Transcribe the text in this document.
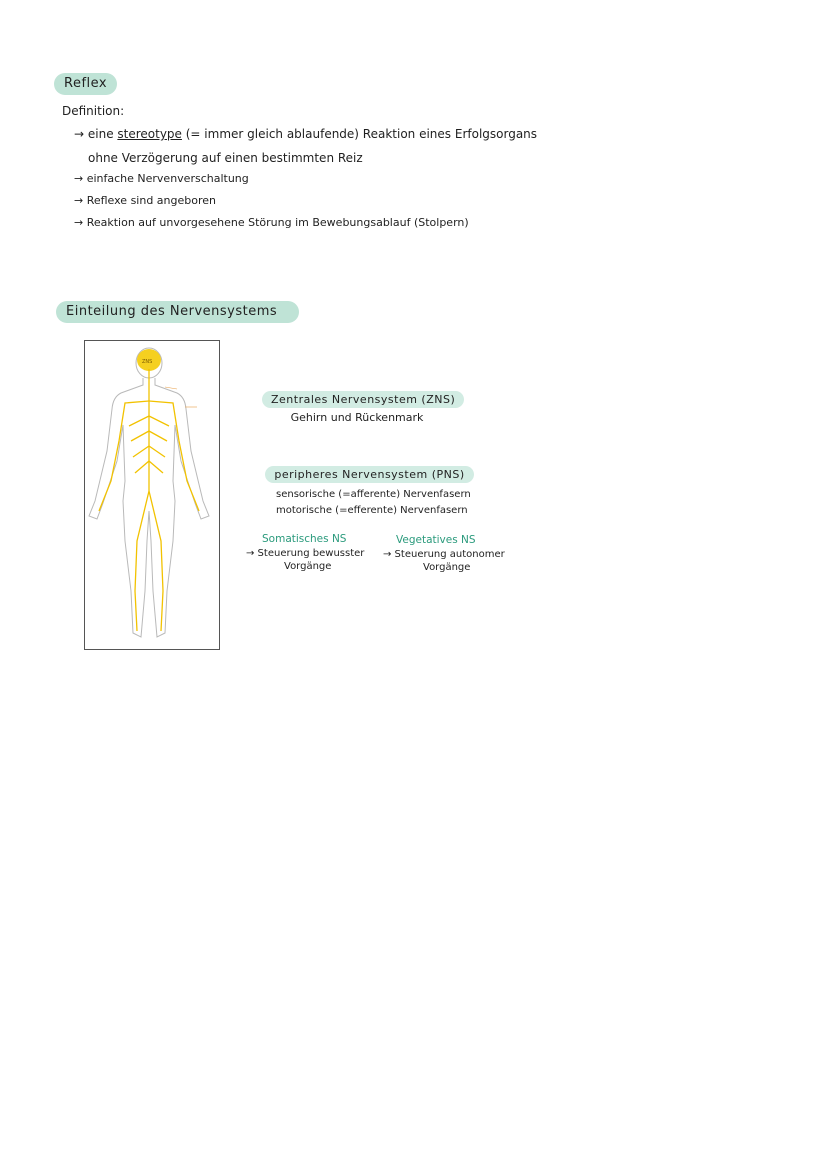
Reflex
Definition:
→ eine stereotype (= immer gleich ablaufende) Reaktion eines Erfolgsorgans
ohne Verzögerung auf einen bestimmten Reiz
→ einfache Nervenverschaltung
→ Reflexe sind angeboren
→ Reaktion auf unvorgesehene Störung im Bewebungsablauf (Stolpern)
Einteilung des Nervensystems
ZNS
Zentrales Nervensystem (ZNS)
Gehirn und Rückenmark
peripheres Nervensystem (PNS)
sensorische (=afferente) Nervenfasern
motorische (=efferente) Nervenfasern
Somatisches NS
→ Steuerung bewusster
Vorgänge
Vegetatives NS
→ Steuerung autonomer
Vorgänge
